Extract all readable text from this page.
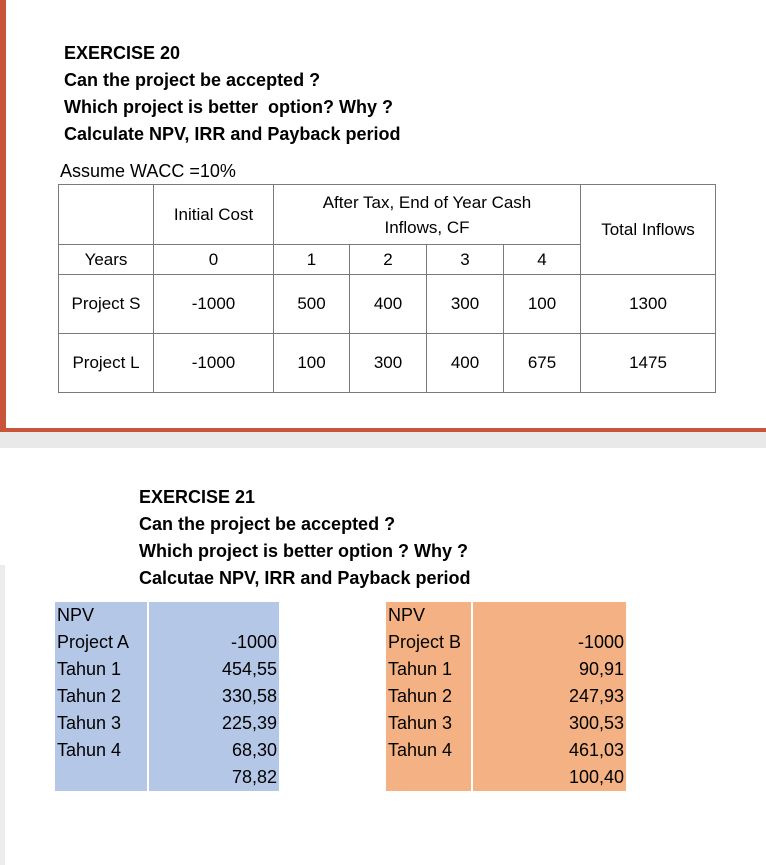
EXERCISE 20
Can the project be accepted ?
Which project is better  option? Why ?
Calculate NPV, IRR and Payback period
Assume WACC =10%
	Initial Cost	After Tax, End of Year Cash Inflows, CF				Total Inflows
Years	0	1	2	3	4	
Project S	-1000	500	400	300	100	1300
Project L	-1000	100	300	400	675	1475
EXERCISE 21
Can the project be accepted ?
Which project is better option ? Why ?
Calcutae NPV, IRR and Payback period
NPV	
Project A	-1000
Tahun 1	454,55
Tahun 2	330,58
Tahun 3	225,39
Tahun 4	68,30
	78,82
NPV	
Project B	-1000
Tahun 1	90,91
Tahun 2	247,93
Tahun 3	300,53
Tahun 4	461,03
	100,40
